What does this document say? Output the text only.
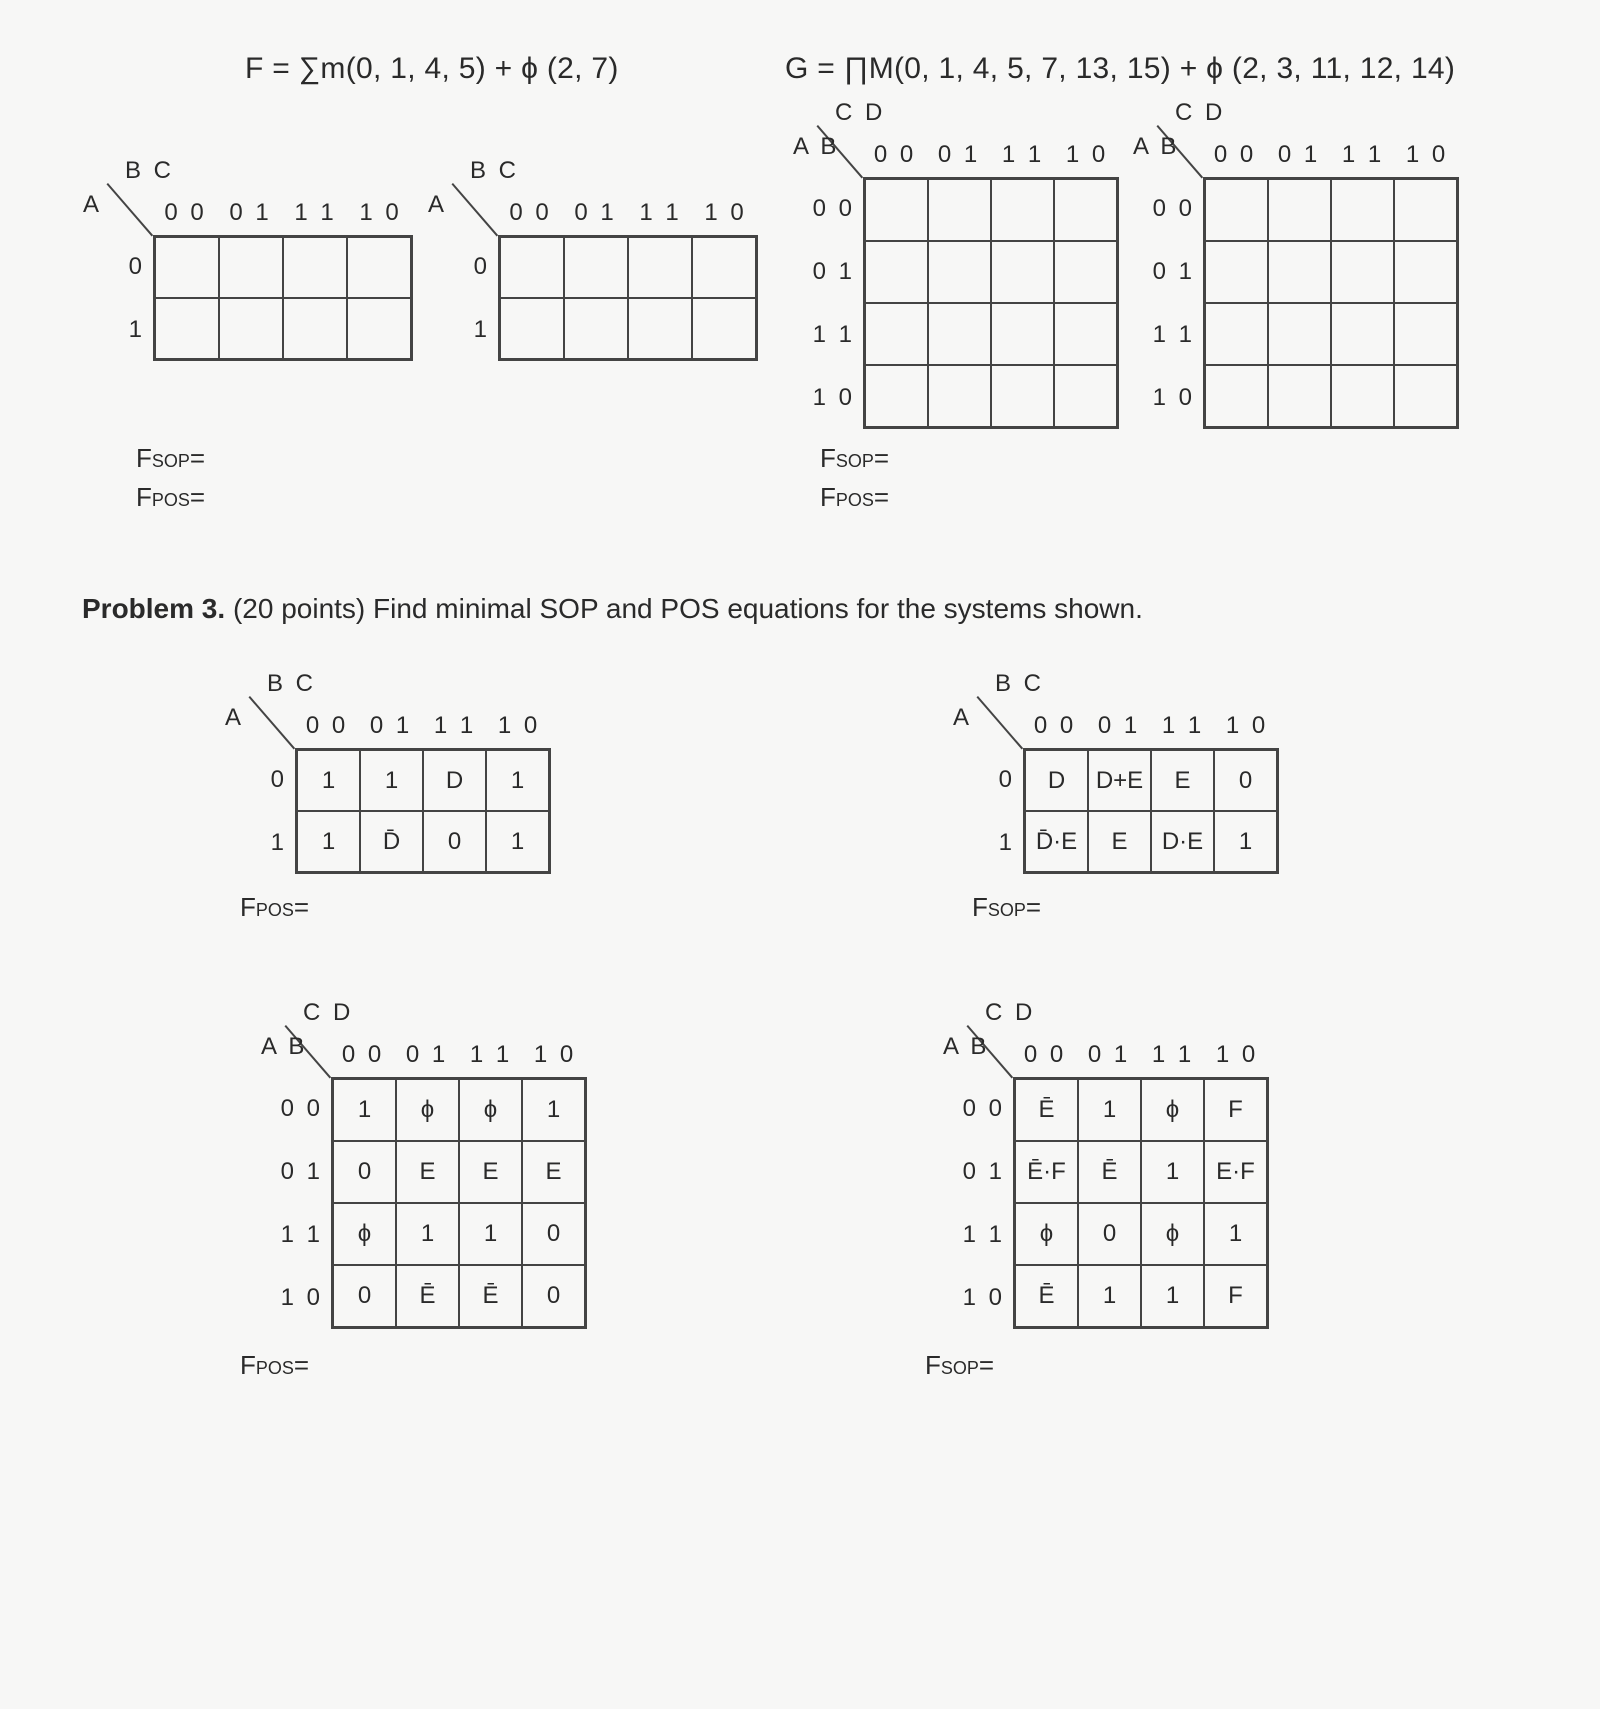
F = ∑m(0, 1, 4, 5) + ϕ (2, 7)	G = ∏M(0, 1, 4, 5, 7, 13, 15) + ϕ (2, 3, 11, 12, 14)
B C
A	0 0 0 1 1 1 1 0
0
1
B C
A	0 0 0 1 1 1 1 0
0
1
C D
A B	0 0 0 1 1 1 1 0
0 0
0 1
1 1
1 0
C D
A B	0 0 0 1 1 1 1 0
0 0
0 1
1 1
1 0
FSOP=
FPOS=
FSOP=
FPOS=
B C
A	0 0 0 1 1 1 1 0
0
1
1	1	D	1
1	D̄	0	1
B C
A	0 0 0 1 1 1 1 0
0
1
D	D+E	E	0
D̄·E	E	D·E	1
C D
A B	0 0 0 1 1 1 1 0
0 0
0 1
1 1
1 0
1	ϕ	ϕ	1
0	E	E	E
ϕ	1	1	0
0	Ē	Ē	0
C D
A B	0 0 0 1 1 1 1 0
0 0
0 1
1 1
1 0
Ē	1	ϕ	F
Ē·F	Ē	1	E·F
ϕ	0	ϕ	1
Ē	1	1	F
FPOS=	FSOP=
FPOS=	FSOP=
Problem 3. (20 points) Find minimal SOP and POS equations for the systems shown.
